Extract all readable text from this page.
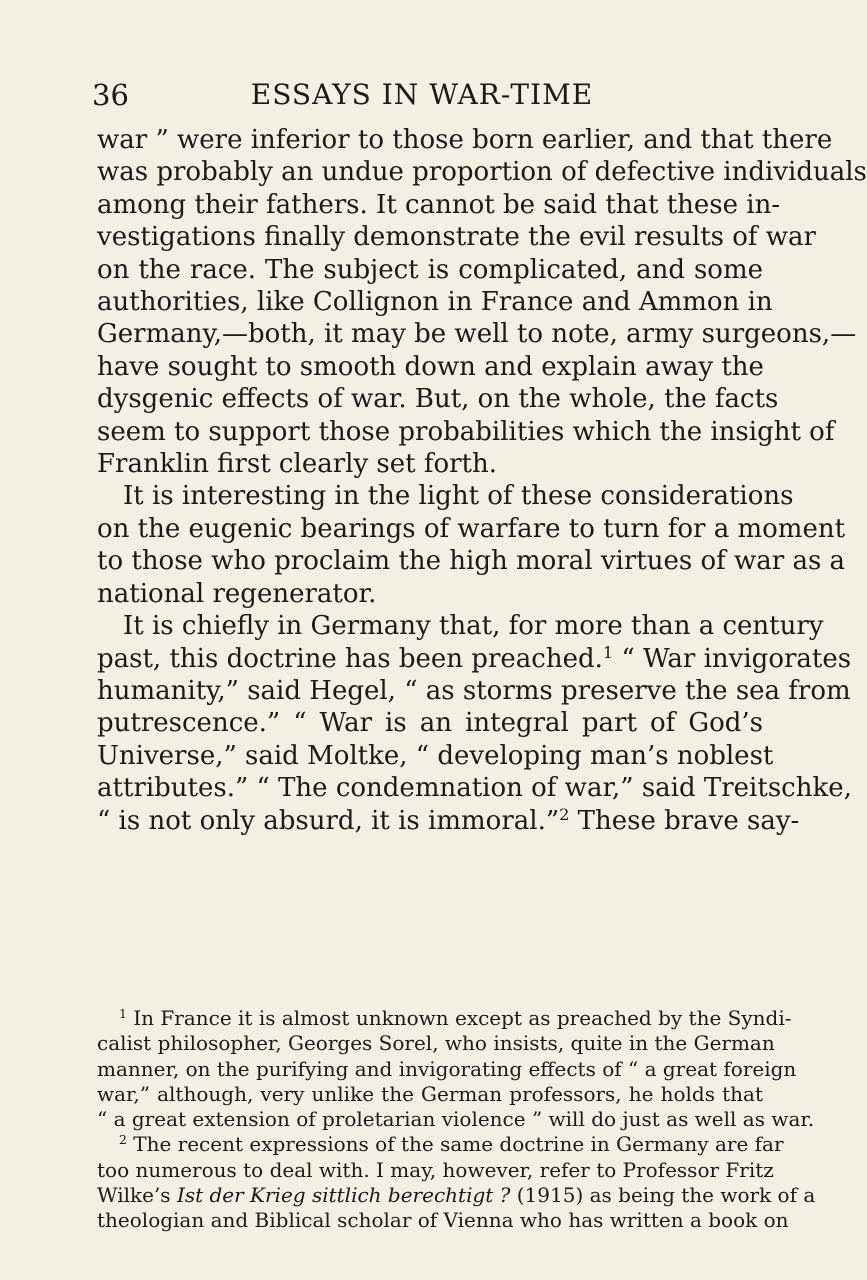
36	ESSAYS IN WAR-TIME
war ” were inferior to those born earlier, and that there
was probably an undue proportion of defective individuals
among their fathers. It cannot be said that these in-
vestigations finally demonstrate the evil results of war
on the race. The subject is complicated, and some
authorities, like Collignon in France and Ammon in
Germany,—both, it may be well to note, army surgeons,—
have sought to smooth down and explain away the
dysgenic effects of war. But, on the whole, the facts
seem to support those probabilities which the insight of
Franklin first clearly set forth.
It is interesting in the light of these considerations
on the eugenic bearings of warfare to turn for a moment
to those who proclaim the high moral virtues of war as a
national regenerator.
It is chiefly in Germany that, for more than a century
past, this doctrine has been preached.$^1$ “ War invigorates
humanity,” said Hegel, “ as storms preserve the sea from
putrescence.” “ War is an integral part of God’s
Universe,” said Moltke, “ developing man’s noblest
attributes.” “ The condemnation of war,” said Treitschke,
“ is not only absurd, it is immoral.”$^2$ These brave say-
$^1$ In France it is almost unknown except as preached by the Syndi-
calist philosopher, Georges Sorel, who insists, quite in the German
manner, on the purifying and invigorating effects of “ a great foreign
war,” although, very unlike the German professors, he holds that
“ a great extension of proletarian violence ” will do just as well as war.
$^2$ The recent expressions of the same doctrine in Germany are far
too numerous to deal with. I may, however, refer to Professor Fritz
Wilke’s Ist der Krieg sittlich berechtigt ? (1915) as being the work of a
theologian and Biblical scholar of Vienna who has written a book on
